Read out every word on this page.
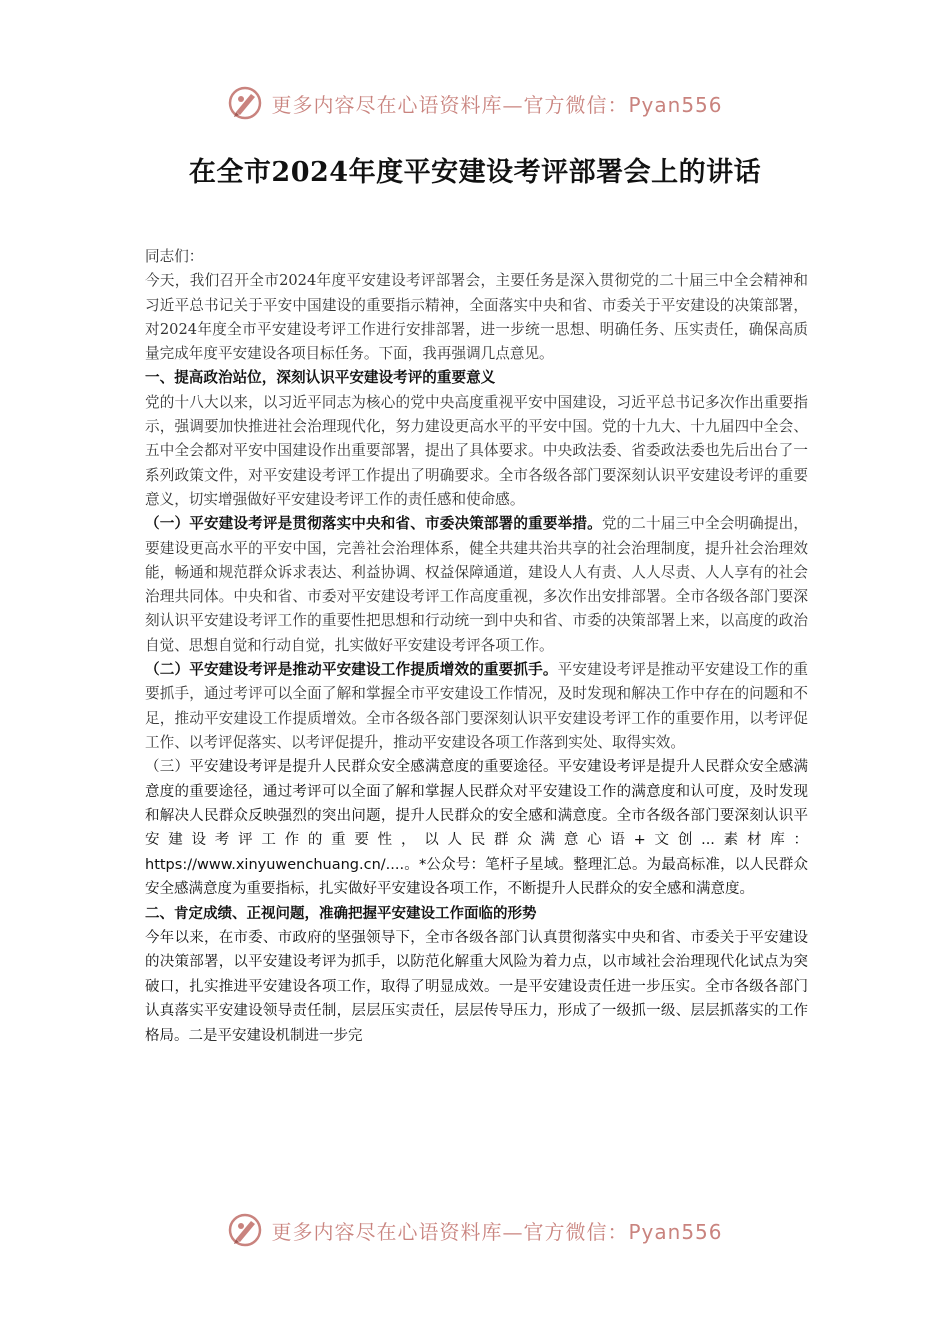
更多内容尽在心语资料库—官方微信：Pyan556
在全市2024年度平安建设考评部署会上的讲话

同志们：

今天，我们召开全市2024年度平安建设考评部署会，主要任务是深入贯彻党的二十届三中全会精神和习近平总书记关于平安中国建设的重要指示精神，全面落实中央和省、市委关于平安建设的决策部署，对2024年度全市平安建设考评工作进行安排部署，进一步统一思想、明确任务、压实责任，确保高质量完成年度平安建设各项目标任务。下面，我再强调几点意见。

一、提高政治站位，深刻认识平安建设考评的重要意义

党的十八大以来，以习近平同志为核心的党中央高度重视平安中国建设，习近平总书记多次作出重要指示，强调要加快推进社会治理现代化，努力建设更高水平的平安中国。党的十九大、十九届四中全会、五中全会都对平安中国建设作出重要部署，提出了具体要求。中央政法委、省委政法委也先后出台了一系列政策文件，对平安建设考评工作提出了明确要求。全市各级各部门要深刻认识平安建设考评的重要意义，切实增强做好平安建设考评工作的责任感和使命感。

（一）平安建设考评是贯彻落实中央和省、市委决策部署的重要举措。党的二十届三中全会明确提出，要建设更高水平的平安中国，完善社会治理体系，健全共建共治共享的社会治理制度，提升社会治理效能，畅通和规范群众诉求表达、利益协调、权益保障通道，建设人人有责、人人尽责、人人享有的社会治理共同体。中央和省、市委对平安建设考评工作高度重视，多次作出安排部署。全市各级各部门要深刻认识平安建设考评工作的重要性把思想和行动统一到中央和省、市委的决策部署上来，以高度的政治自觉、思想自觉和行动自觉，扎实做好平安建设考评各项工作。

（二）平安建设考评是推动平安建设工作提质增效的重要抓手。平安建设考评是推动平安建设工作的重要抓手，通过考评可以全面了解和掌握全市平安建设工作情况，及时发现和解决工作中存在的问题和不足，推动平安建设工作提质增效。全市各级各部门要深刻认识平安建设考评工作的重要作用，以考评促工作、以考评促落实、以考评促提升，推动平安建设各项工作落到实处、取得实效。

（三）平安建设考评是提升人民群众安全感满意度的重要途径。平安建设考评是提升人民群众安全感满意度的重要途径，通过考评可以全面了解和掌握人民群众对平安建设工作的满意度和认可度，及时发现和解决人民群众反映强烈的突出问题，提升人民群众的安全感和满意度。全市各级各部门要深刻认识平安建设考评工作的重要性，以人民群众满意心语+文创...素材库：https://www.xinyuwenchuang.cn/....。*公众号：笔杆子星域。整理汇总。为最高标准，以人民群众安全感满意度为重要指标，扎实做好平安建设各项工作，不断提升人民群众的安全感和满意度。

二、肯定成绩、正视问题，准确把握平安建设工作面临的形势

今年以来，在市委、市政府的坚强领导下，全市各级各部门认真贯彻落实中央和省、市委关于平安建设的决策部署，以平安建设考评为抓手，以防范化解重大风险为着力点，以市域社会治理现代化试点为突破口，扎实推进平安建设各项工作，取得了明显成效。一是平安建设责任进一步压实。全市各级各部门认真落实平安建设领导责任制，层层压实责任，层层传导压力，形成了一级抓一级、层层抓落实的工作格局。二是平安建设机制进一步完

更多内容尽在心语资料库—官方微信：Pyan556
